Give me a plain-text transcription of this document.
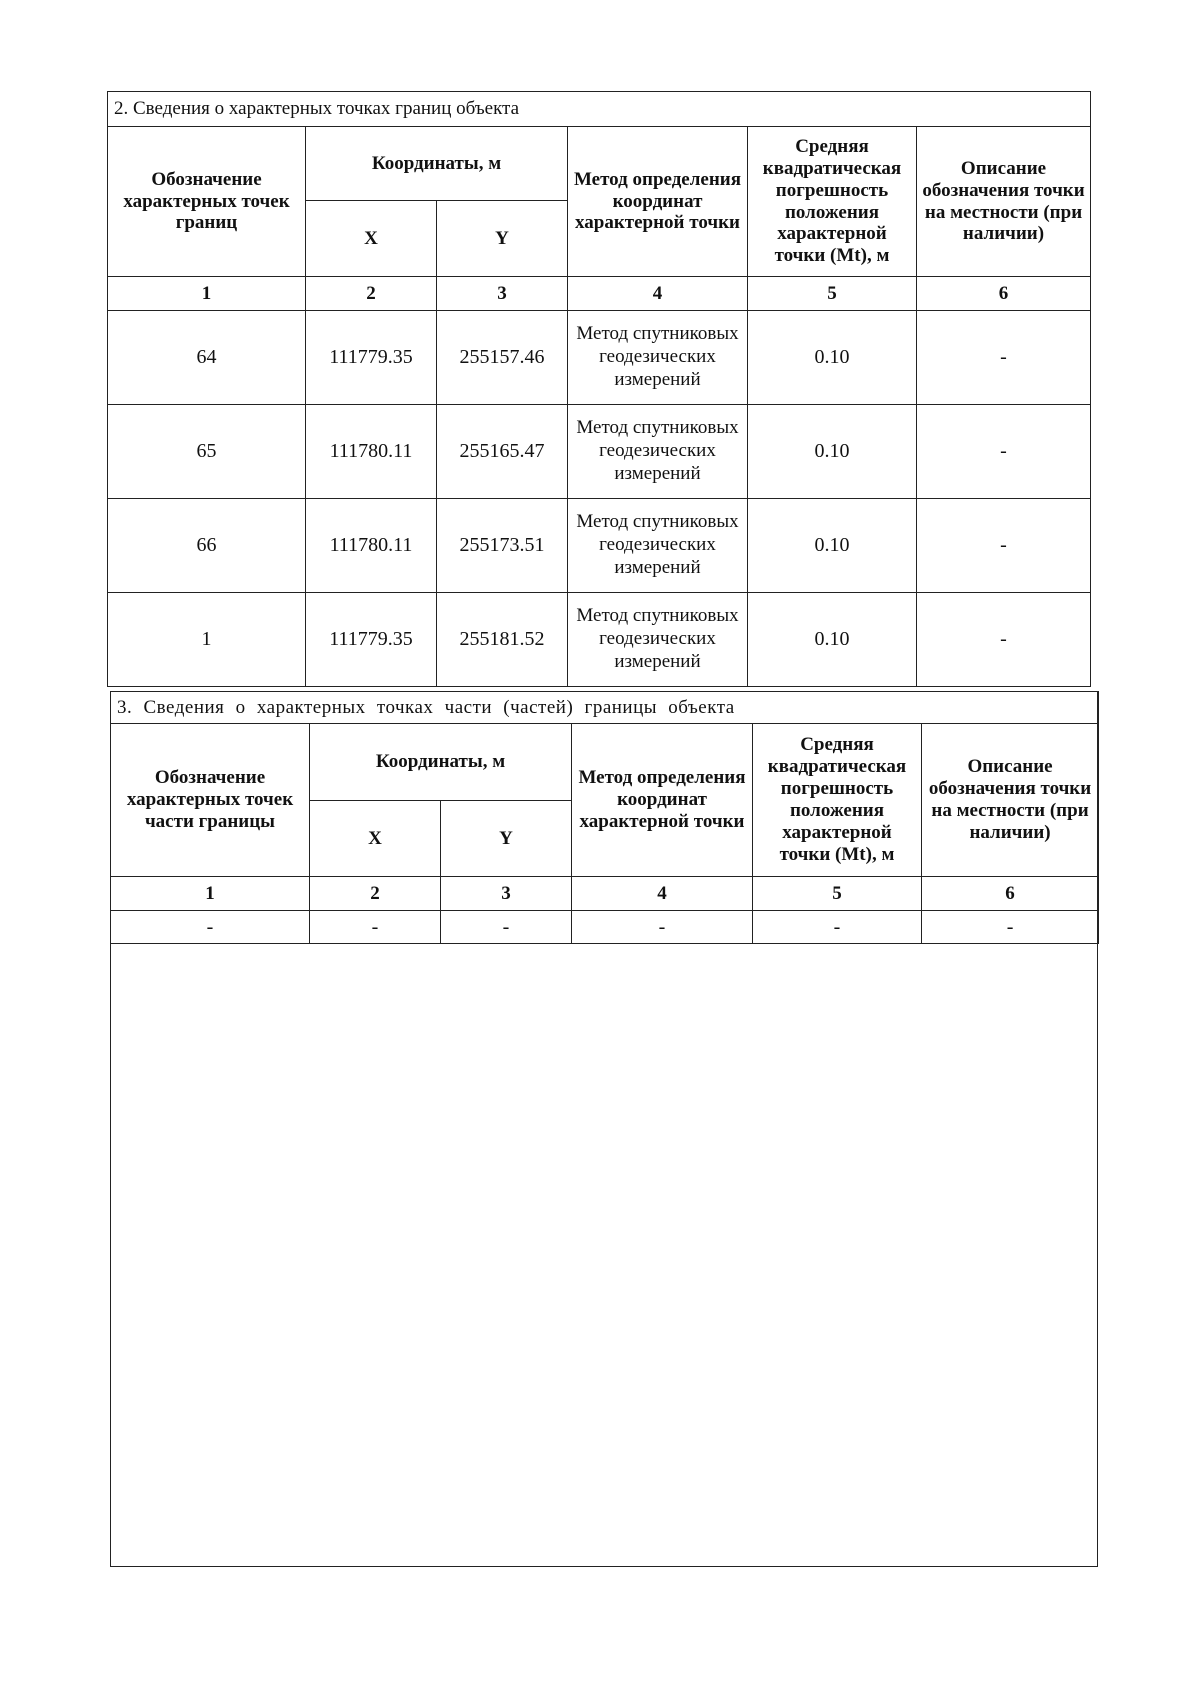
2. Сведения о характерных точках границ объекта					
Обозначение характерных точек границ	Координаты, м		Метод определения координат характерной точки	Средняя квадратическая погрешность положения характерной точки (Mt), м	Описание обозначения точки на местности (при наличии)
	X	Y			
1	2	3	4	5	6
64	111779.35	255157.46	Метод спутниковых геодезических измерений	0.10	-
65	111780.11	255165.47	Метод спутниковых геодезических измерений	0.10	-
66	111780.11	255173.51	Метод спутниковых геодезических измерений	0.10	-
1	111779.35	255181.52	Метод спутниковых геодезических измерений	0.10	-
3. Сведения о характерных точках части (частей) границы объекта					
Обозначение характерных точек части границы	Координаты, м		Метод определения координат характерной точки	Средняя квадратическая погрешность положения характерной точки (Mt), м	Описание обозначения точки на местности (при наличии)
	X	Y			
1	2	3	4	5	6
-	-	-	-	-	-
